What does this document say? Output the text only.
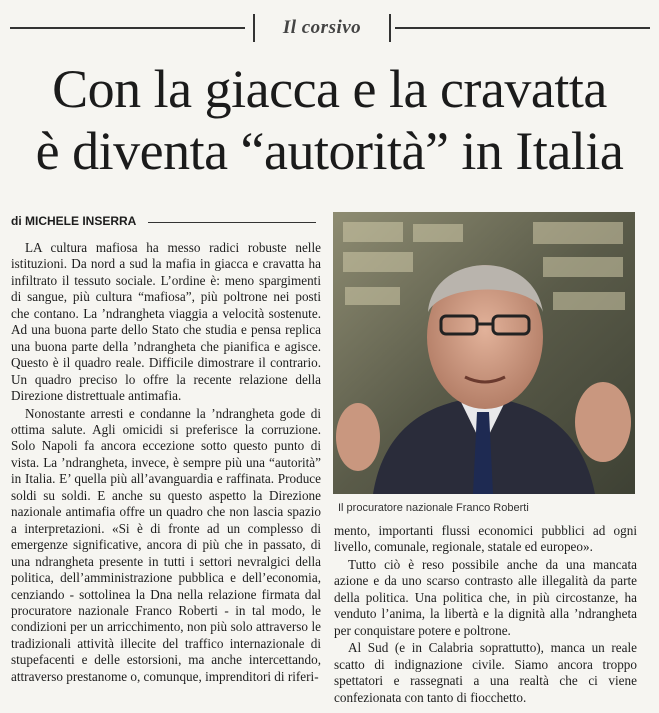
Il corsivo
Con la giacca e la cravatta
è diventa “autorità” in Italia
di MICHELE INSERRA

LA cultura mafiosa ha messo radici robuste nelle istituzioni. Da nord a sud la mafia in giacca e cravatta ha infiltrato il tessuto sociale. L’ordine è: meno spargimenti di sangue, più cultura “mafiosa”, più poltrone nei posti che contano. La ’ndrangheta viaggia a velocità sostenute. Ad una buona parte dello Stato che studia e pensa replica una buona parte della ’ndrangheta che pianifica e agisce. Questo è il quadro reale. Difficile dimostrare il contrario. Un quadro preciso lo offre la recente relazione della Direzione distrettuale antimafia.

Nonostante arresti e condanne la ’ndrangheta gode di ottima salute. Agli omicidi si preferisce la corruzione. Solo Napoli fa ancora eccezione sotto questo punto di vista. La ’ndrangheta, invece, è sempre più una “autorità” in Italia. E’ quella più all’avanguardia e raffinata. Produce soldi su soldi. E anche su questo aspetto la Direzione nazionale antimafia offre un quadro che non lascia spazio a interpretazioni. «Si è di fronte ad un complesso di emergenze significative, ancora di più che in passato, di una ndrangheta presente in tutti i settori nevralgici della politica, dell’amministrazione pubblica e dell’economia, cenziando - sottolinea la Dna nella relazione firmata dal procuratore nazionale Franco Roberti - in tal modo, le condizioni per un arricchimento, non più solo attraverso le tradizionali attività illecite del traffico internazionale di stupefacenti e delle estorsioni, ma anche intercettando, attraverso prestanome o, comunque, imprenditori di riferi-

Il procuratore nazionale Franco Roberti

mento, importanti flussi economici pubblici ad ogni livello, comunale, regionale, statale ed europeo».

Tutto ciò è reso possibile anche da una mancata azione e da uno scarso contrasto alle illegalità da parte della politica. Una politica che, in più circostanze, ha venduto l’anima, la libertà e la dignità alla ’ndrangheta per conquistare potere e poltrone.

Al Sud (e in Calabria soprattutto), manca un reale scatto di indignazione civile. Siamo ancora troppo spettatori e rassegnati a una realtà che ci viene confezionata con tanto di fiocchetto.
